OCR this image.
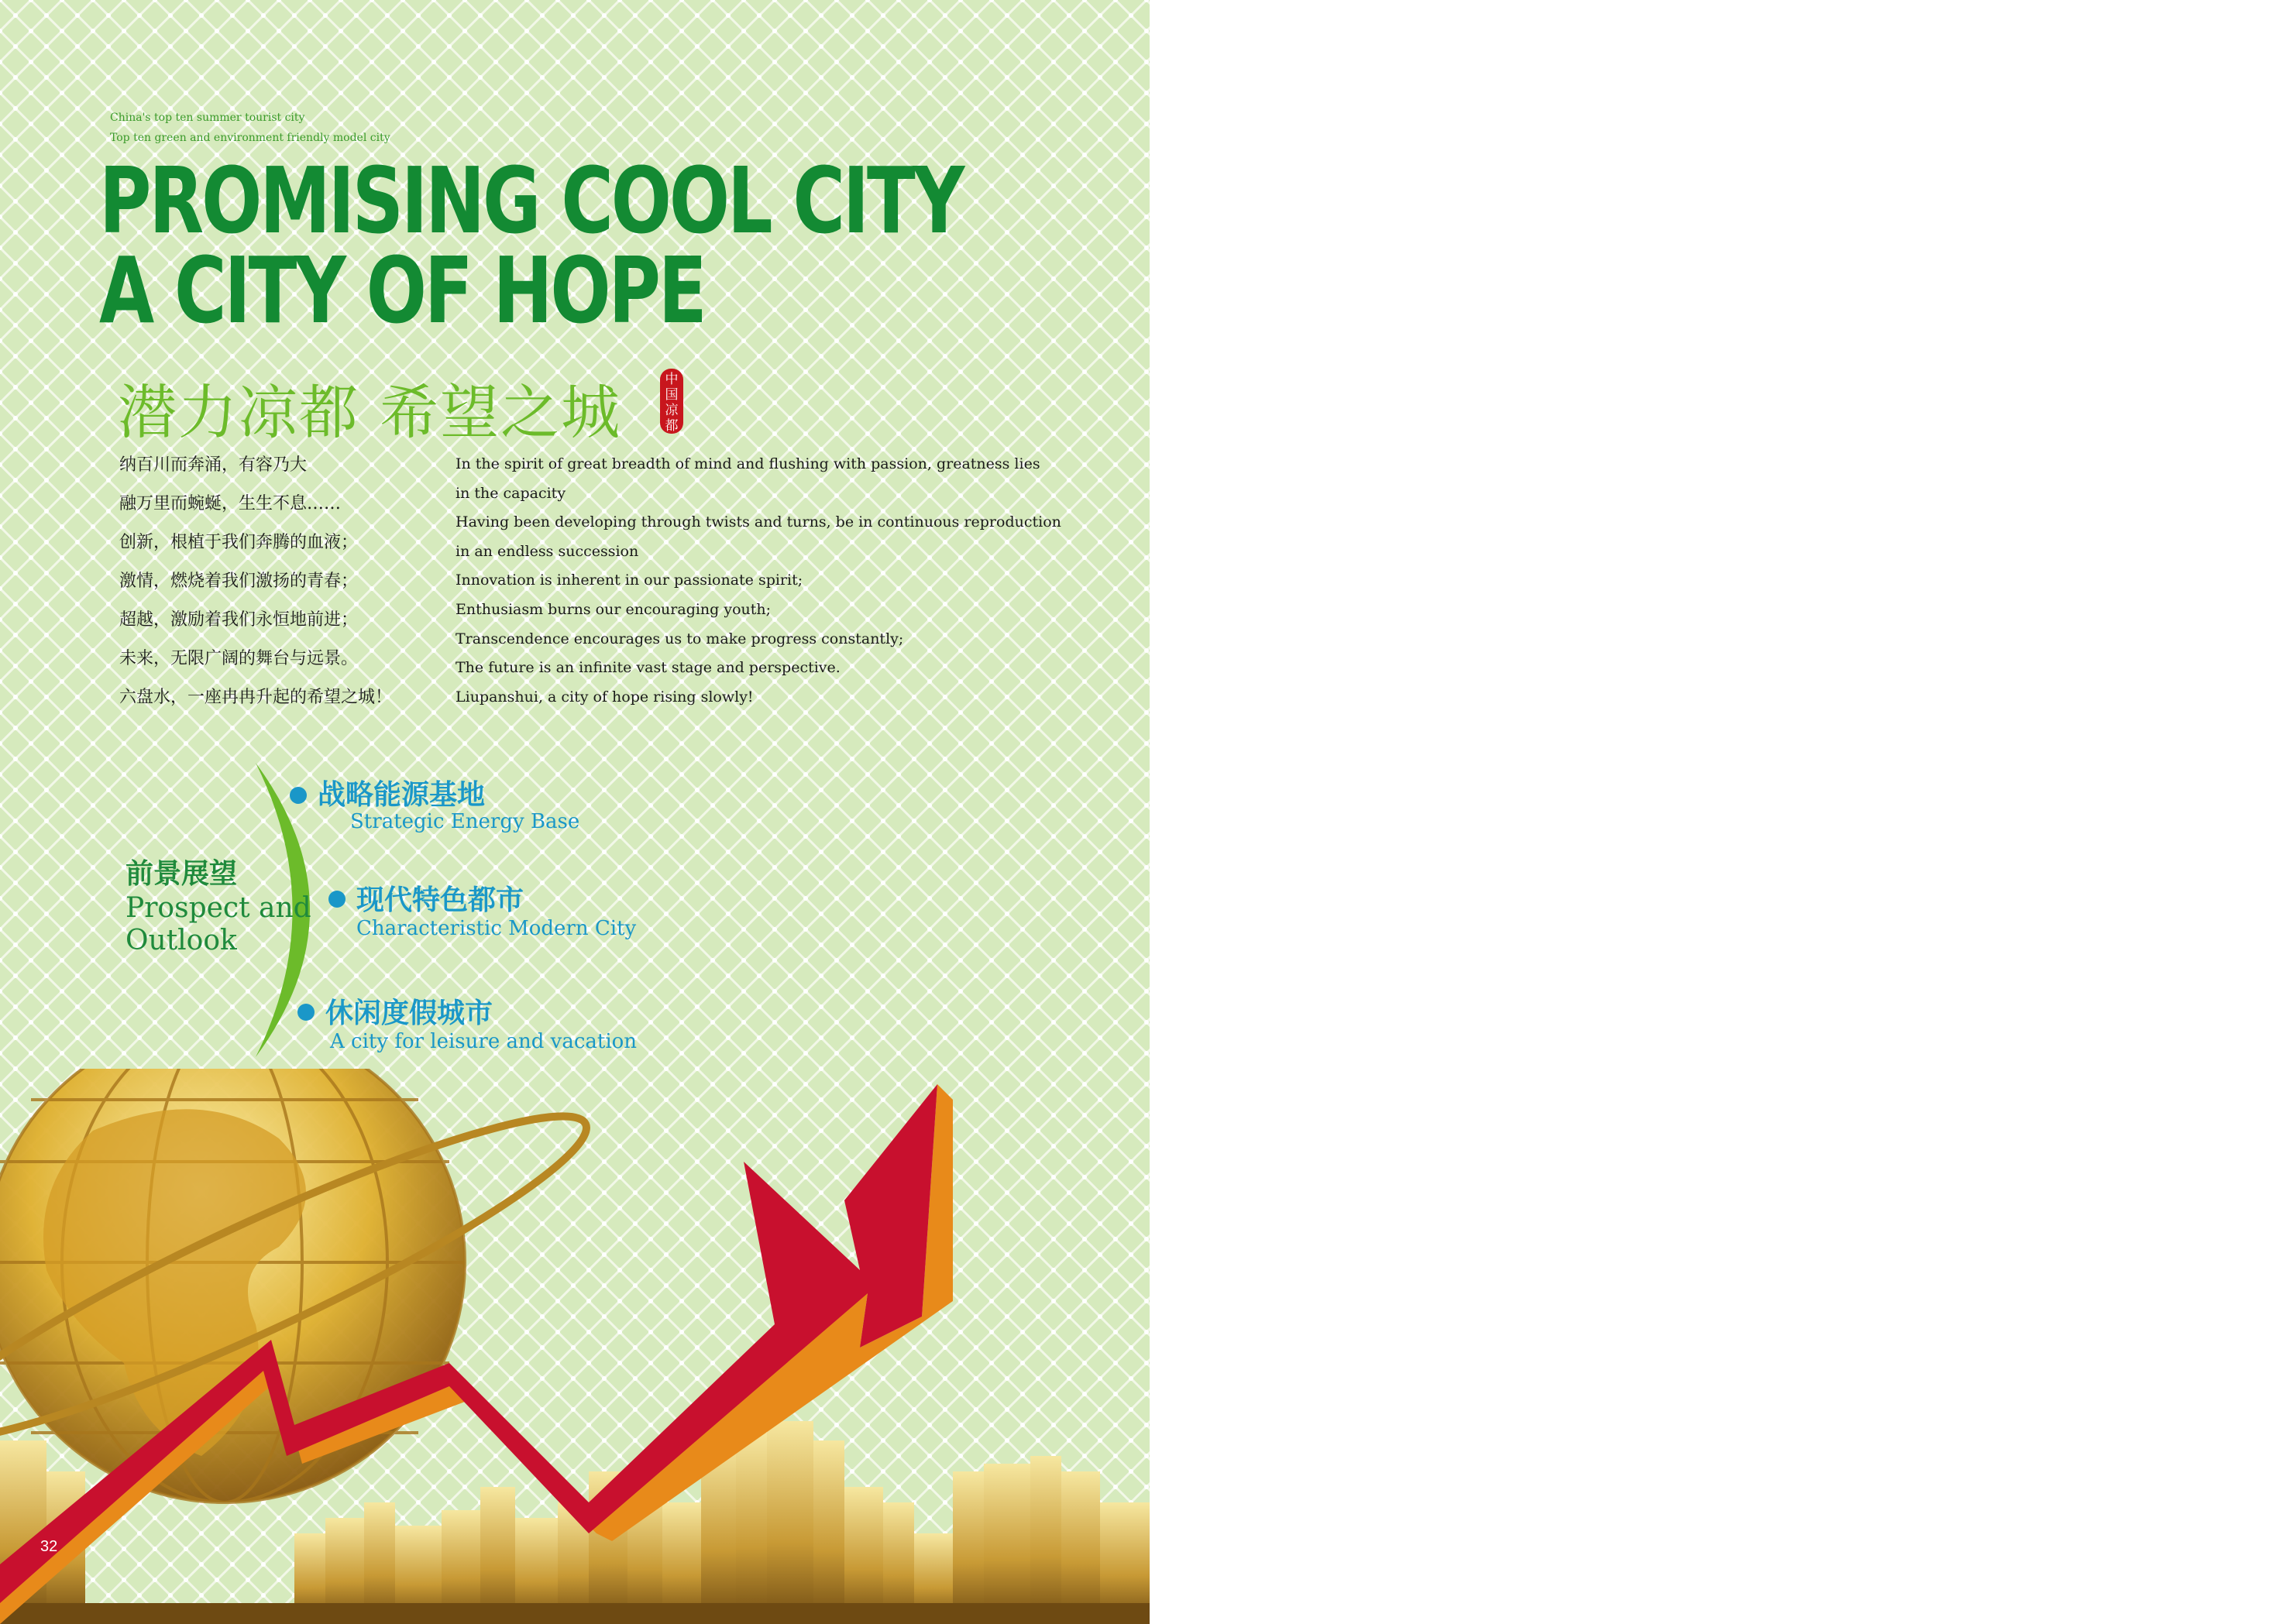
China's top ten summer tourist city
Top ten green and environment friendly model city
PROMISING COOL CITY
A CITY OF HOPE
潜力凉都 希望之城	中国凉都
纳百川而奔涌，有容乃大
融万里而蜿蜒，生生不息……
创新，根植于我们奔腾的血液；
激情，燃烧着我们激扬的青春；
超越，激励着我们永恒地前进；
未来，无限广阔的舞台与远景。
六盘水，一座冉冉升起的希望之城！
In the spirit of great breadth of mind and flushing with passion, greatness lies
in the capacity
Having been developing through twists and turns, be in continuous reproduction
in an endless succession
Innovation is inherent in our passionate spirit;
Enthusiasm burns our encouraging youth;
Transcendence encourages us to make progress constantly;
The future is an infinite vast stage and perspective.
Liupanshui, a city of hope rising slowly!
前景展望
Prospect and Outlook
战略能源基地
Strategic Energy Base
现代特色都市
Characteristic Modern City
休闲度假城市
A city for leisure and vacation
32
